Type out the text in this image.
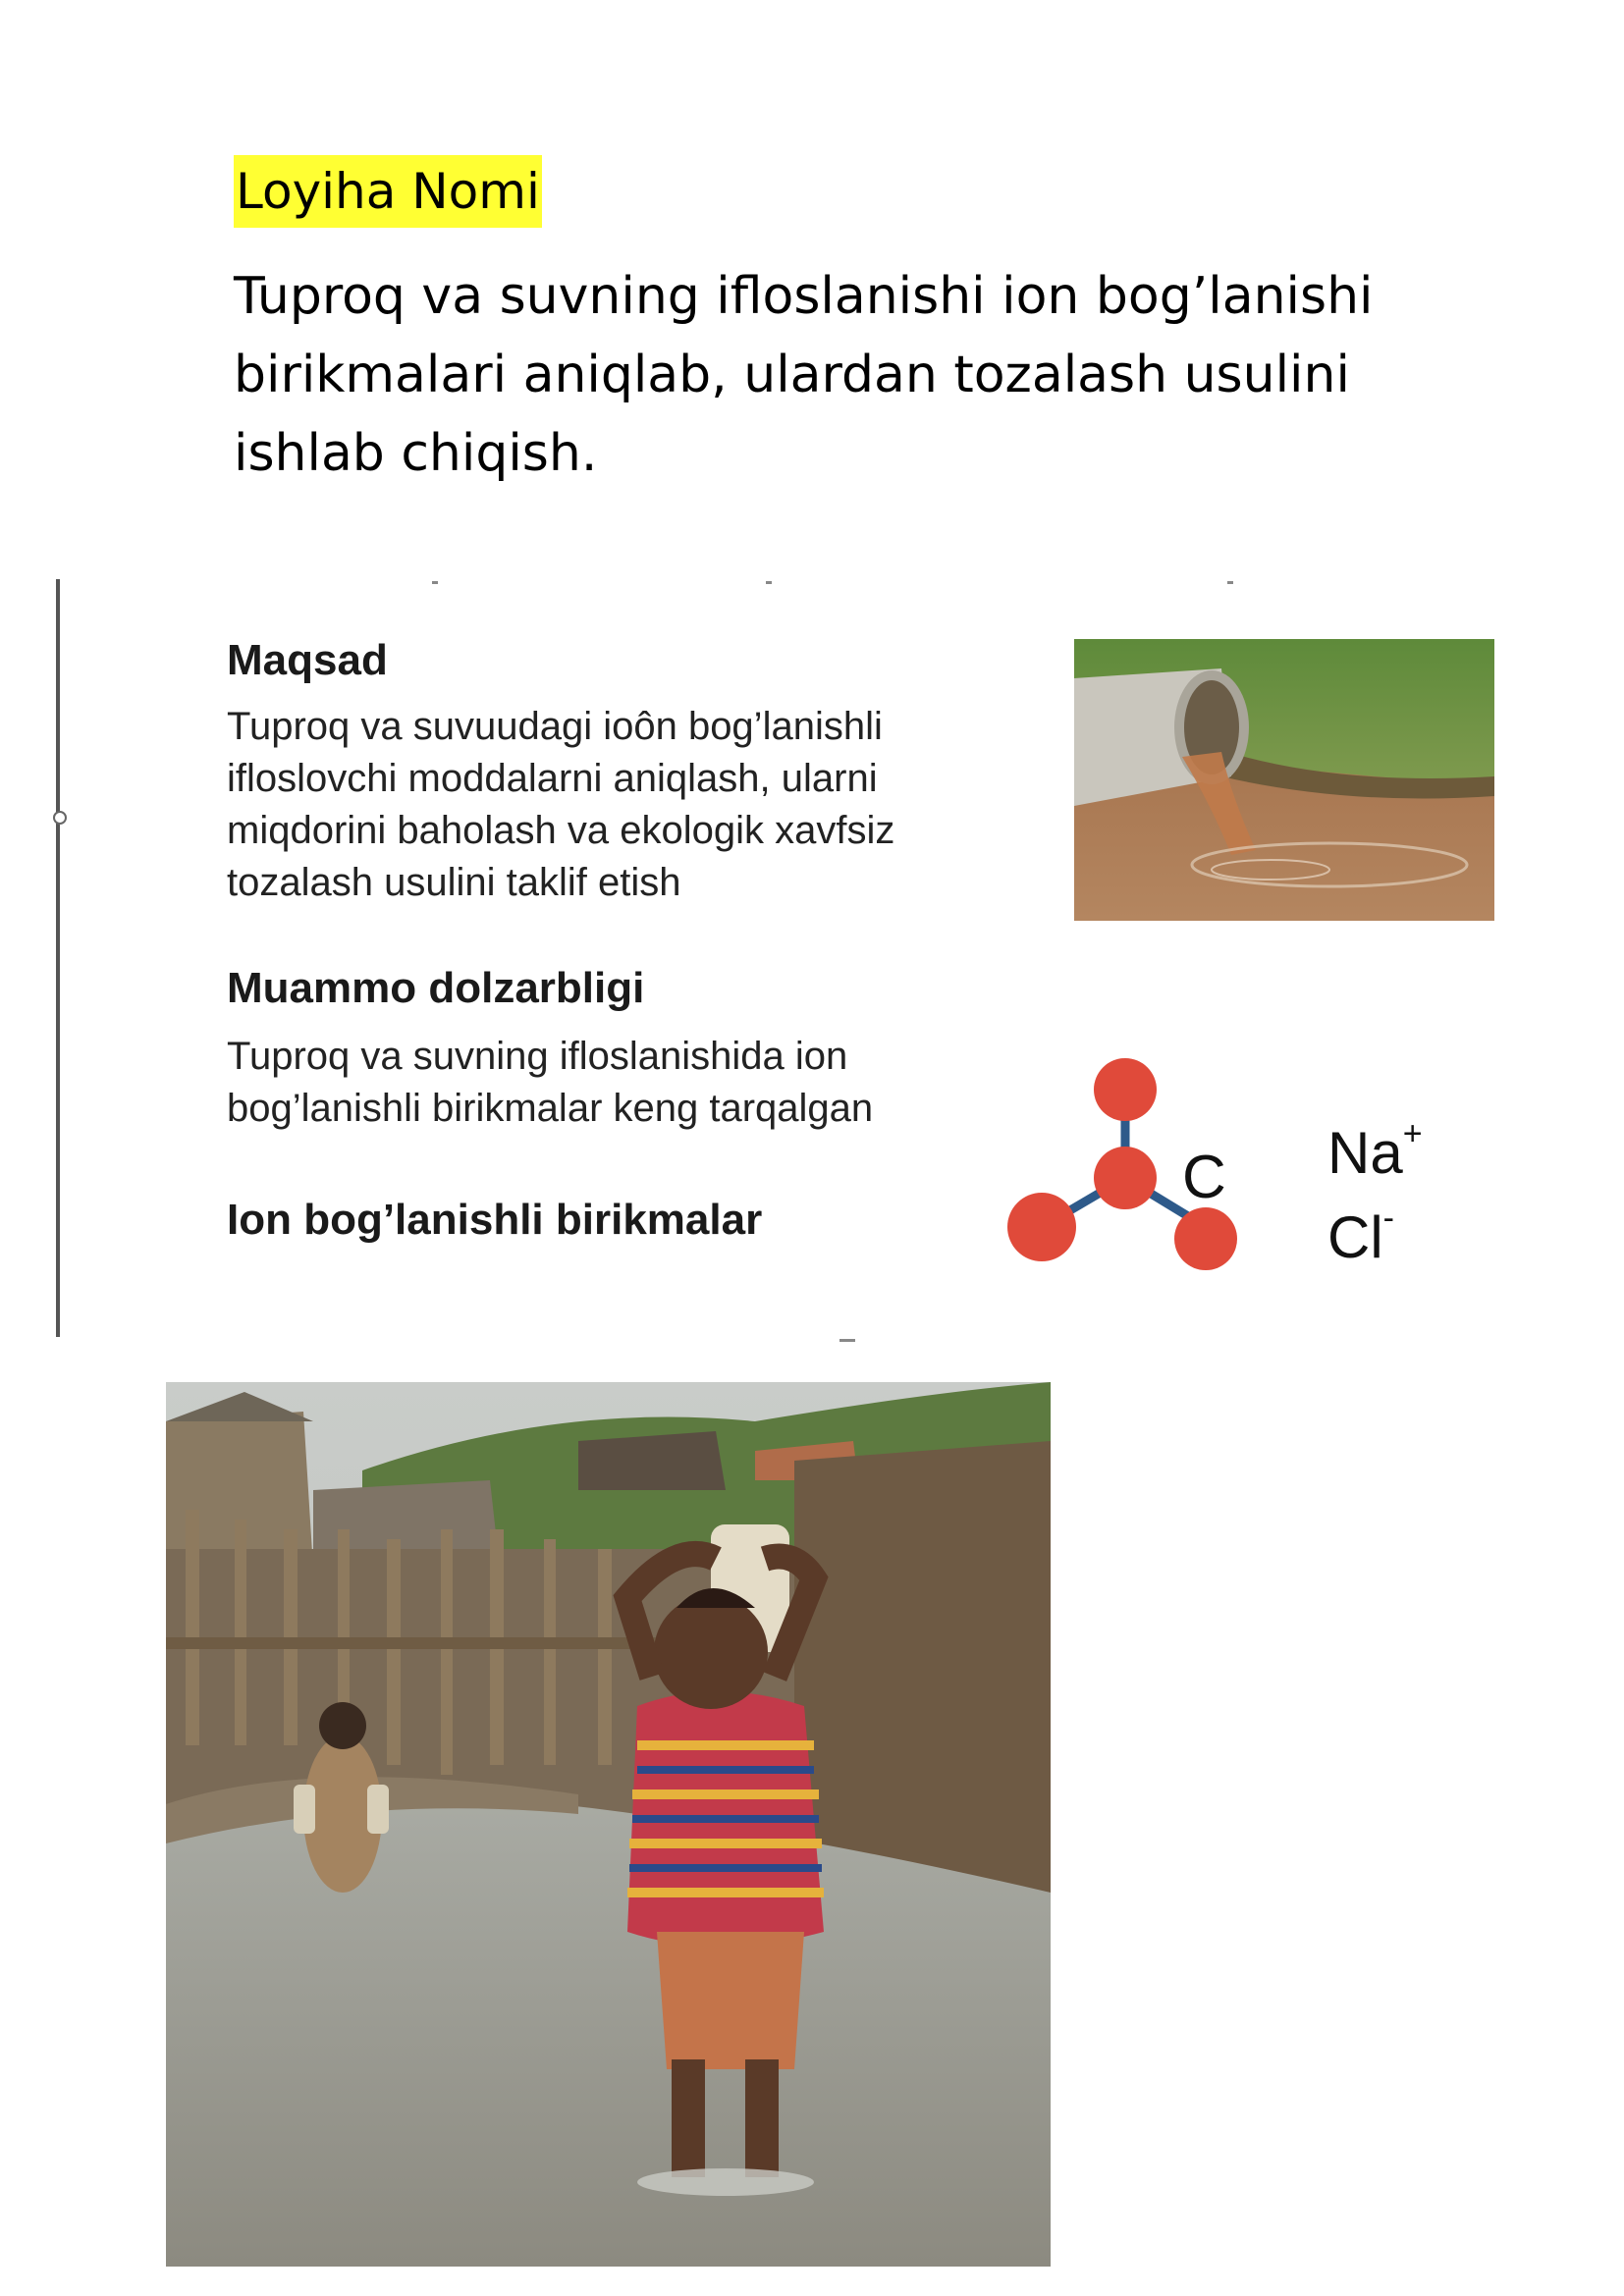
Loyiha Nomi
Tuproq va suvning ifloslanishi ion bog’lanishi birikmalari aniqlab, ulardan tozalash usulini ishlab chiqish.
Maqsad

Tuproq va suvuudagi ioôn bog’lanishli
ifloslovchi moddalarni aniqlash, ularni
miqdorini baholash va ekologik xavfsiz
tozalash usulini taklif etish

Muammo dolzarbligi

Tuproq va suvning ifloslanishida ion
bog’lanishli birikmalar keng tarqalgan

Ion bog’lanishli birikmalar
C Na+
Cl-
